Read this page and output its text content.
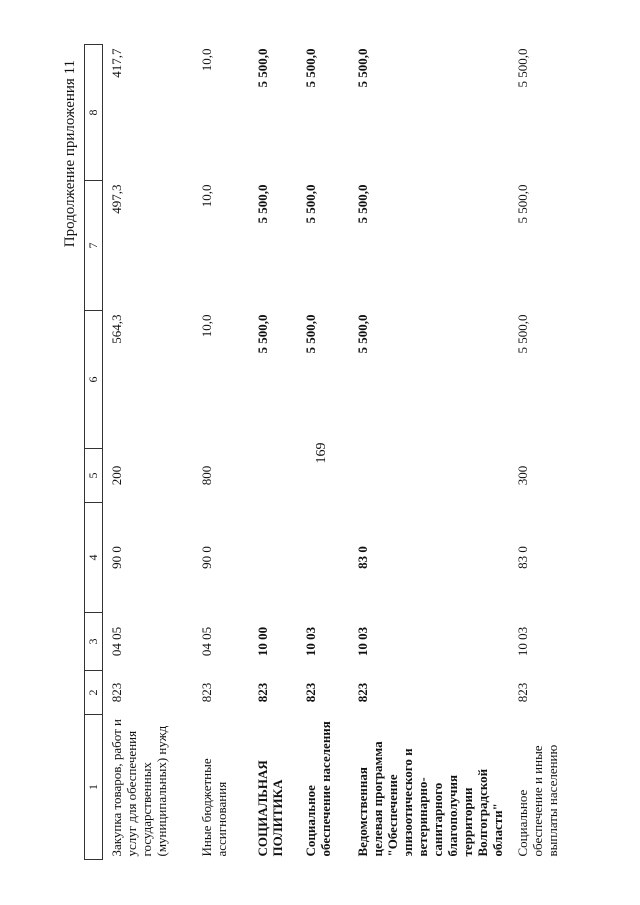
169
Продолжение приложения 11
1	2	3	4	5	6	7	8
Закупка товаров, работ и услуг для обеспечения государственных (муниципальных) нужд	823	04 05	90 0	200	564,3	497,3	417,7
Иные бюджетные ассигнования	823	04 05	90 0	800	10,0	10,0	10,0
СОЦИАЛЬНАЯ ПОЛИТИКА	823	10 00			5 500,0	5 500,0	5 500,0
Социальное обеспечение населения	823	10 03			5 500,0	5 500,0	5 500,0
Ведомственная целевая программа "Обеспечение эпизоотического и ветеринарно-санитарного благополучия территории Волгоградской области"	823	10 03	83 0		5 500,0	5 500,0	5 500,0
Социальное обеспечение и иные выплаты населению	823	10 03	83 0	300	5 500,0	5 500,0	5 500,0
